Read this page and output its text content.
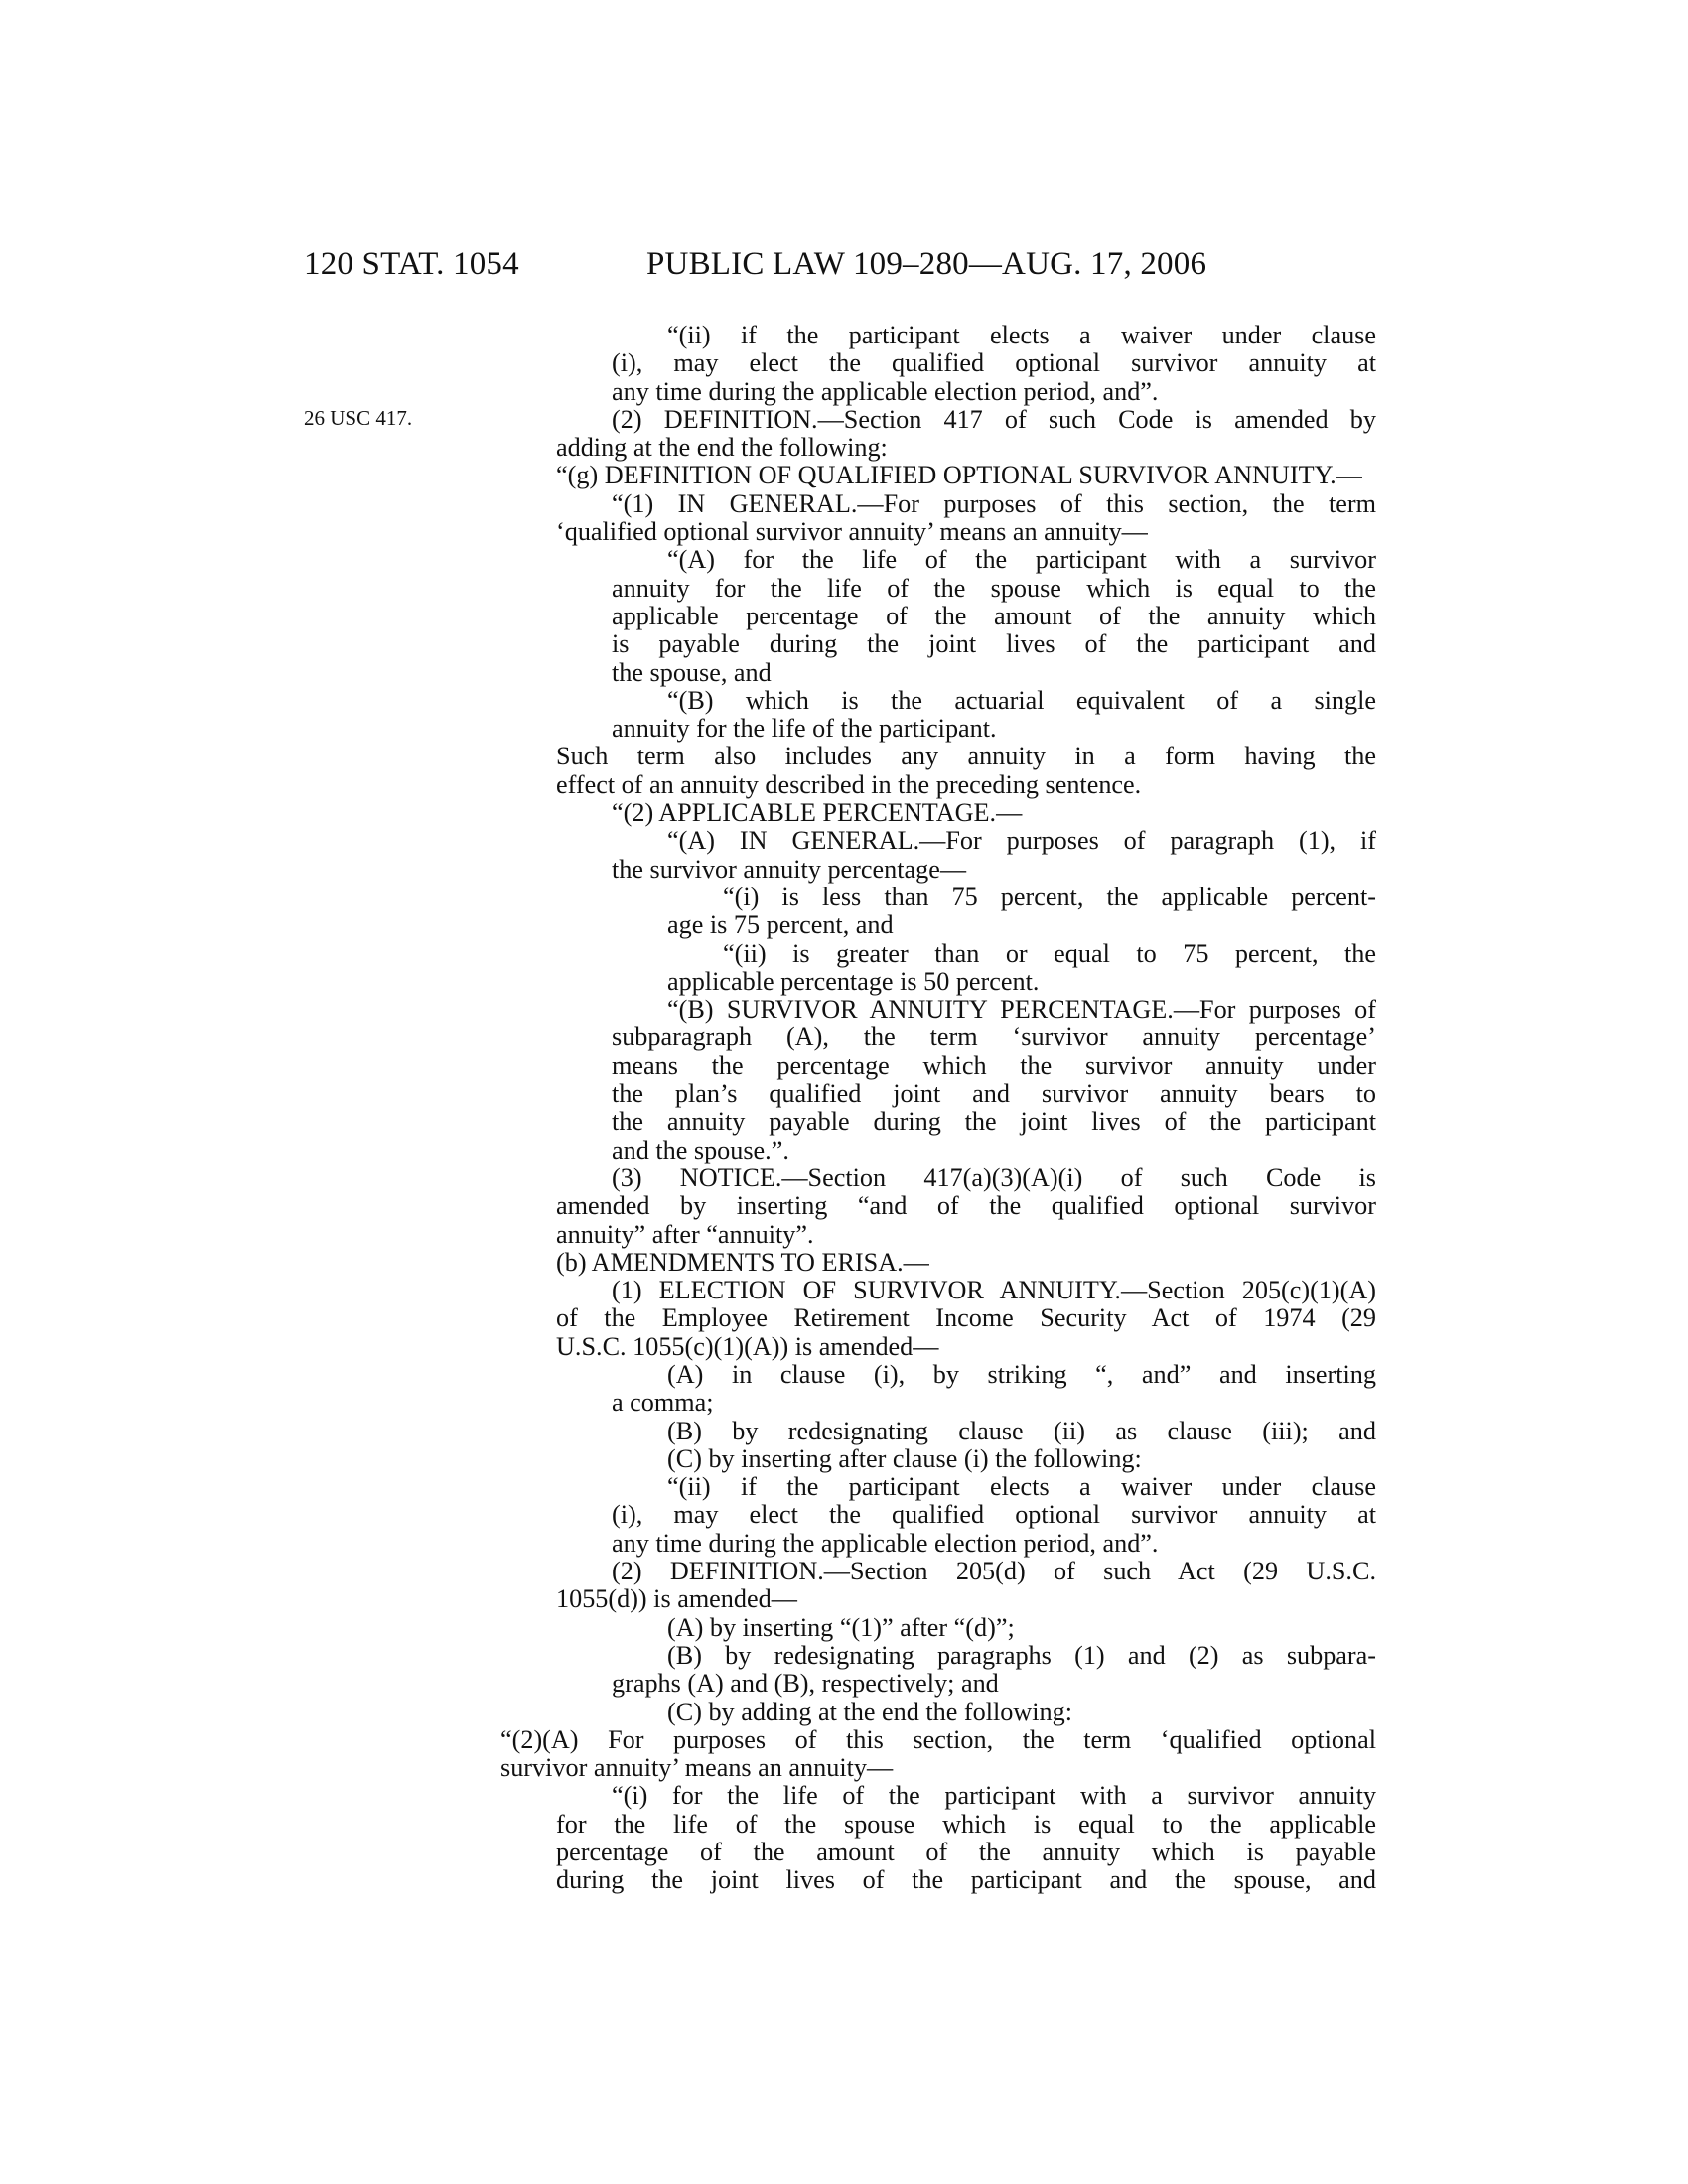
120 STAT. 1054	PUBLIC LAW 109–280—AUG. 17, 2006
26 USC 417.
“(ii) if the participant elects a waiver under clause
(i), may elect the qualified optional survivor annuity at
any time during the applicable election period, and”.
(2) DEFINITION.—Section 417 of such Code is amended by
adding at the end the following:
“(g) DEFINITION OF QUALIFIED OPTIONAL SURVIVOR ANNUITY.—
“(1) IN GENERAL.—For purposes of this section, the term
‘qualified optional survivor annuity’ means an annuity—
“(A) for the life of the participant with a survivor
annuity for the life of the spouse which is equal to the
applicable percentage of the amount of the annuity which
is payable during the joint lives of the participant and
the spouse, and
“(B) which is the actuarial equivalent of a single
annuity for the life of the participant.
Such term also includes any annuity in a form having the
effect of an annuity described in the preceding sentence.
“(2) APPLICABLE PERCENTAGE.—
“(A) IN GENERAL.—For purposes of paragraph (1), if
the survivor annuity percentage—
“(i) is less than 75 percent, the applicable percent-
age is 75 percent, and
“(ii) is greater than or equal to 75 percent, the
applicable percentage is 50 percent.
“(B) SURVIVOR ANNUITY PERCENTAGE.—For purposes of
subparagraph (A), the term ‘survivor annuity percentage’
means the percentage which the survivor annuity under
the plan’s qualified joint and survivor annuity bears to
the annuity payable during the joint lives of the participant
and the spouse.”.
(3) NOTICE.—Section 417(a)(3)(A)(i) of such Code is
amended by inserting “and of the qualified optional survivor
annuity” after “annuity”.
(b) AMENDMENTS TO ERISA.—
(1) ELECTION OF SURVIVOR ANNUITY.—Section 205(c)(1)(A)
of the Employee Retirement Income Security Act of 1974 (29
U.S.C. 1055(c)(1)(A)) is amended—
(A) in clause (i), by striking “, and” and inserting
a comma;
(B) by redesignating clause (ii) as clause (iii); and
(C) by inserting after clause (i) the following:
“(ii) if the participant elects a waiver under clause
(i), may elect the qualified optional survivor annuity at
any time during the applicable election period, and”.
(2) DEFINITION.—Section 205(d) of such Act (29 U.S.C.
1055(d)) is amended—
(A) by inserting “(1)” after “(d)”;
(B) by redesignating paragraphs (1) and (2) as subpara-
graphs (A) and (B), respectively; and
(C) by adding at the end the following:
“(2)(A) For purposes of this section, the term ‘qualified optional
survivor annuity’ means an annuity—
“(i) for the life of the participant with a survivor annuity
for the life of the spouse which is equal to the applicable
percentage of the amount of the annuity which is payable
during the joint lives of the participant and the spouse, and
